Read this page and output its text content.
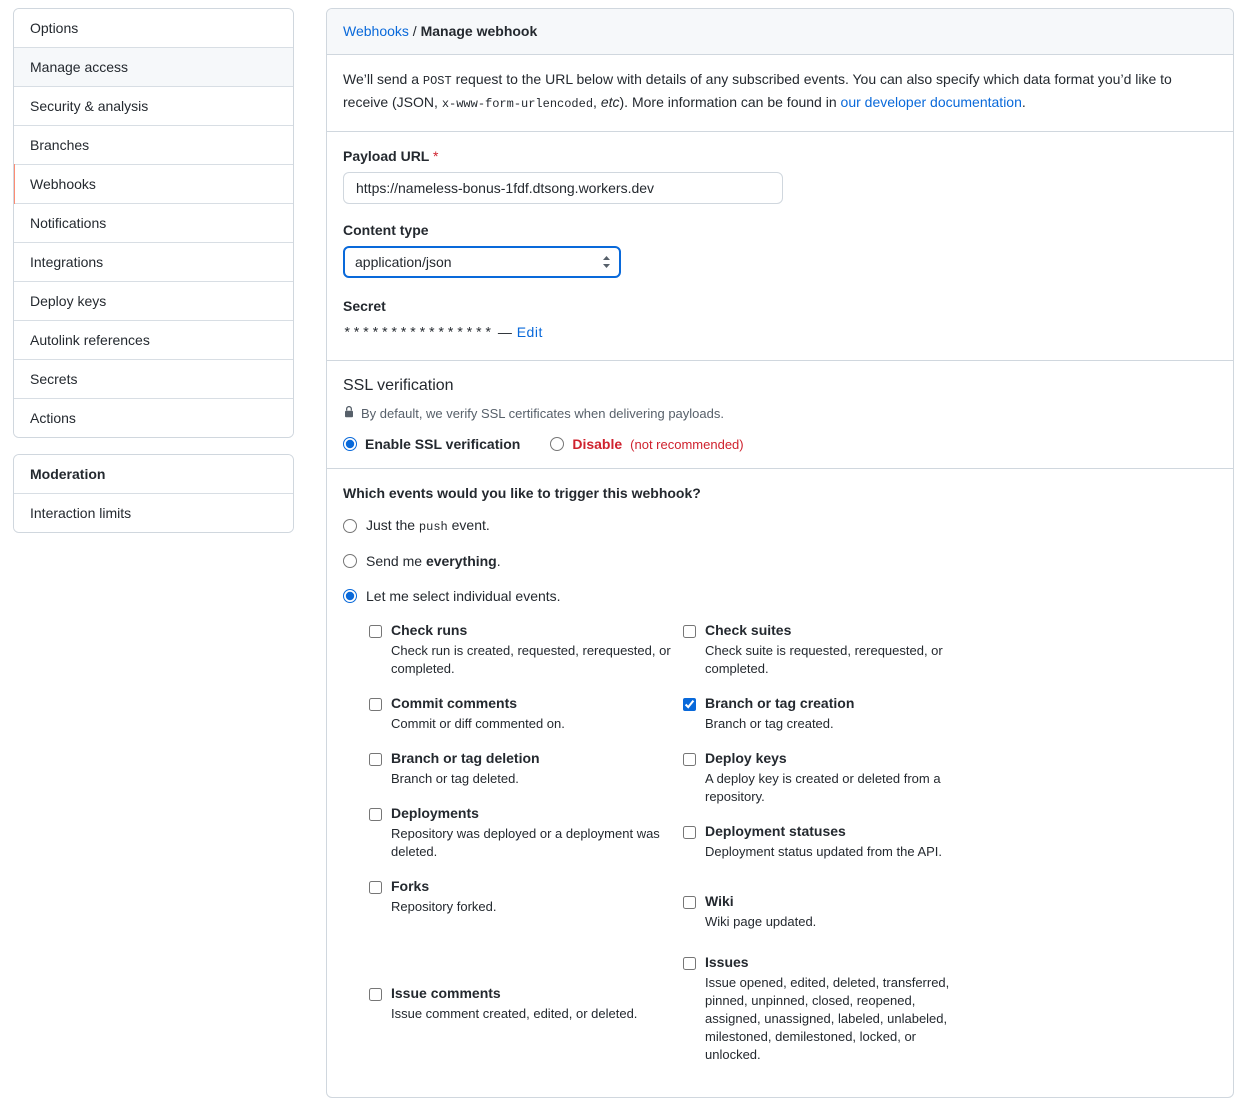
Options
Manage access
Security & analysis
Branches
Webhooks
Notifications
Integrations
Deploy keys
Autolink references
Secrets
Actions
Moderation
Interaction limits
Webhooks / Manage webhook
We’ll send a POST request to the URL below with details of any subscribed events. You can also specify which data format you’d like to receive (JSON, x-www-form-urlencoded, etc). More information can be found in our developer documentation.
Payload URL *
https://nameless-bonus-1fdf.dtsong.workers.dev
Content type
application/json
Secret
**************** — Edit
SSL verification
By default, we verify SSL certificates when delivering payloads.
Enable SSL verification	Disable (not recommended)
Which events would you like to trigger this webhook?
Just the push event.
Send me everything.
Let me select individual events.
Check runs
Check run is created, requested, rerequested, or completed.
Commit comments
Commit or diff commented on.
Branch or tag deletion
Branch or tag deleted.
Deployments
Repository was deployed or a deployment was deleted.
Forks
Repository forked.
Issue comments
Issue comment created, edited, or deleted.
Check suites
Check suite is requested, rerequested, or completed.
Branch or tag creation
Branch or tag created.
Deploy keys
A deploy key is created or deleted from a repository.
Deployment statuses
Deployment status updated from the API.
Wiki
Wiki page updated.
Issues
Issue opened, edited, deleted, transferred, pinned, unpinned, closed, reopened, assigned, unassigned, labeled, unlabeled, milestoned, demilestoned, locked, or unlocked.
